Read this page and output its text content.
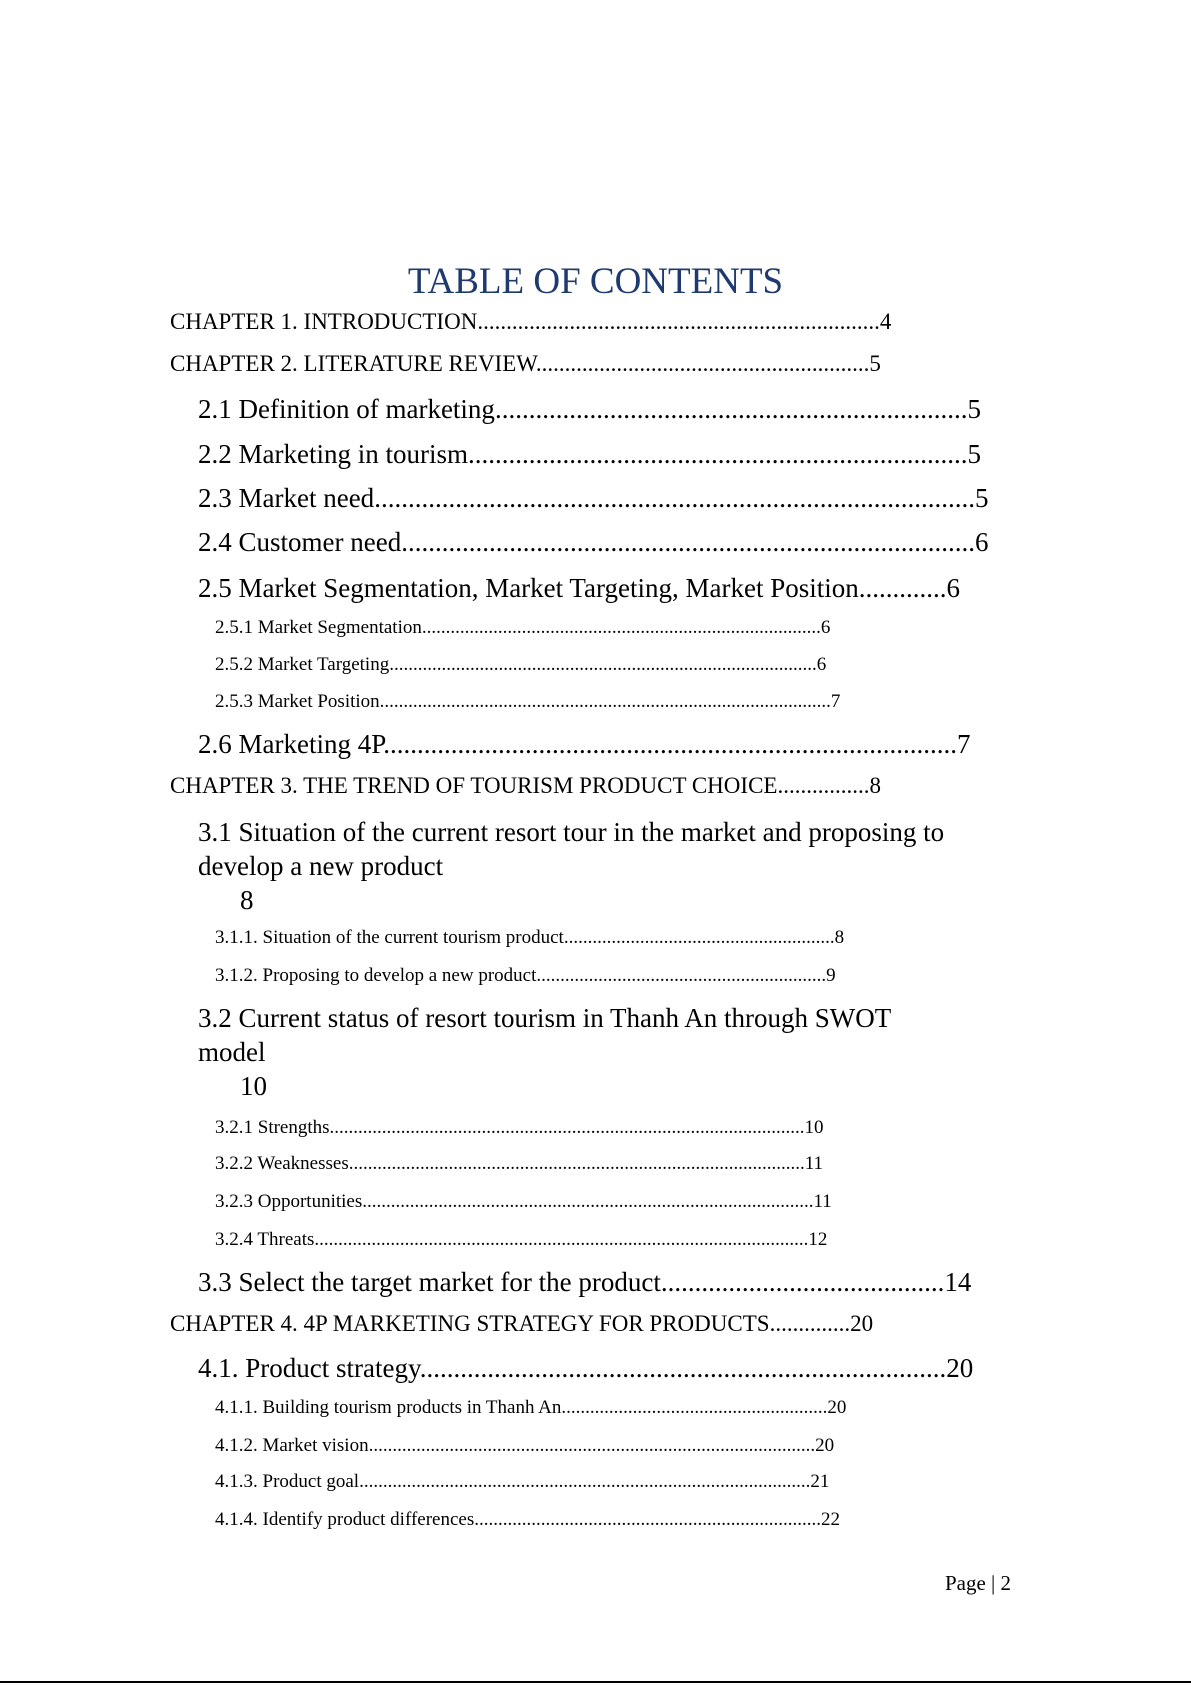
TABLE OF CONTENTS
CHAPTER 1. INTRODUCTION......................................................................4
CHAPTER 2. LITERATURE REVIEW..........................................................5
2.1 Definition of marketing......................................................................5
2.2 Marketing in tourism..........................................................................5
2.3 Market need.........................................................................................5
2.4 Customer need.....................................................................................6
2.5 Market Segmentation, Market Targeting, Market Position.............6
2.5.1 Market Segmentation....................................................................................6
2.5.2 Market Targeting..........................................................................................6
2.5.3 Market Position...............................................................................................7
2.6 Marketing 4P.....................................................................................7
CHAPTER 3. THE TREND OF TOURISM PRODUCT CHOICE................8
3.1 Situation of the current resort tour in the market and proposing to develop a new product
8
3.1.1. Situation of the current tourism product.........................................................8
3.1.2. Proposing to develop a new product.............................................................9
3.2 Current status of resort tourism in Thanh An through SWOT model
10
3.2.1 Strengths....................................................................................................10
3.2.2 Weaknesses................................................................................................11
3.2.3 Opportunities...............................................................................................11
3.2.4 Threats........................................................................................................12
3.3 Select the target market for the product..........................................14
CHAPTER 4. 4P MARKETING STRATEGY FOR PRODUCTS..............20
4.1. Product strategy..............................................................................20
4.1.1. Building tourism products in Thanh An........................................................20
4.1.2. Market vision..............................................................................................20
4.1.3. Product goal...............................................................................................21
4.1.4. Identify product differences.........................................................................22
Page | 2
